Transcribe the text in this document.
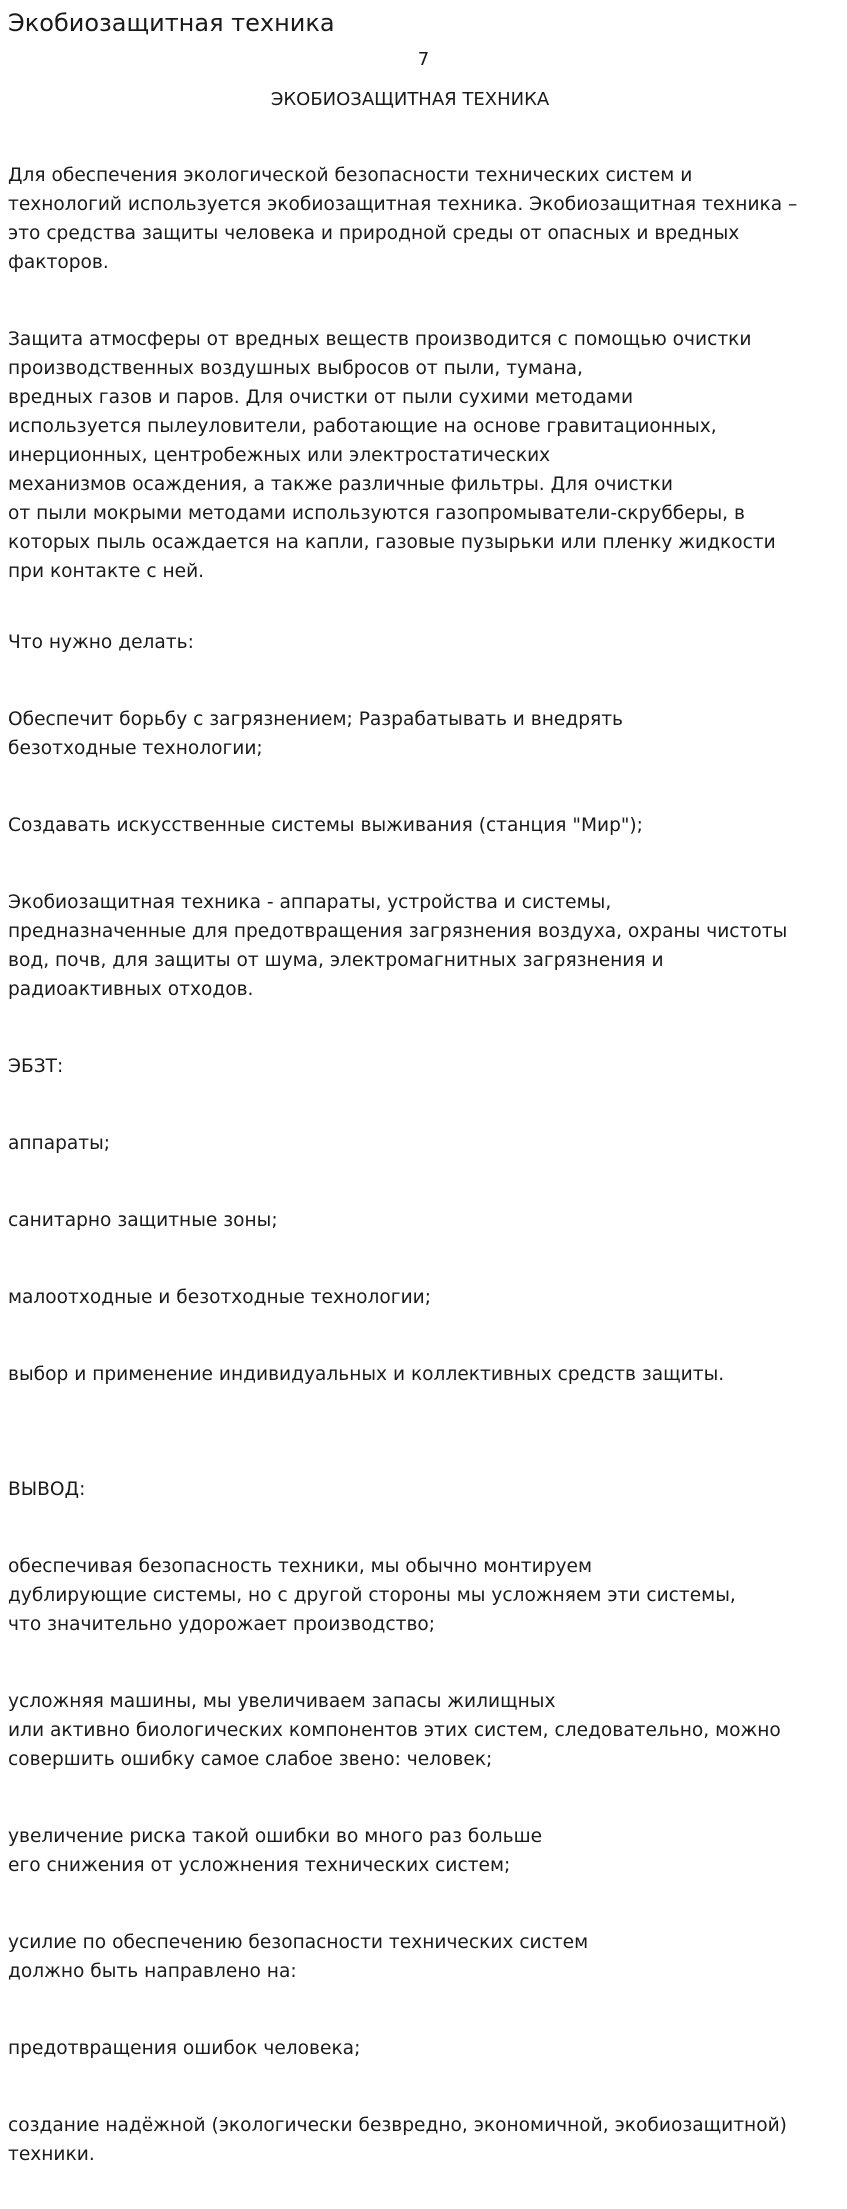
Экобиозащитная техника
7
ЭКОБИОЗАЩИТНАЯ ТЕХНИКА

Для обеспечения экологической безопасности технических систем и
технологий используется экобиозащитная техника. Экобиозащитная техника –
это средства защиты человека и природной среды от опасных и вредных
факторов.

Защита атмосферы от вредных веществ производится с помощью очистки
производственных воздушных выбросов от пыли, тумана,
вредных газов и паров. Для очистки от пыли сухими методами
используется пылеуловители, работающие на основе гравитационных,
инерционных, центробежных или электростатических
механизмов осаждения, а также различные фильтры. Для очистки
от пыли мокрыми методами используются газопромыватели-скрубберы, в
которых пыль осаждается на капли, газовые пузырьки или пленку жидкости
при контакте с ней.

Что нужно делать:

Обеспечит борьбу с загрязнением; Разрабатывать и внедрять
безотходные технологии;

Создавать искусственные системы выживания (станция "Мир");

Экобиозащитная техника - аппараты, устройства и системы,
предназначенные для предотвращения загрязнения воздуха, охраны чистоты
вод, почв, для защиты от шума, электромагнитных загрязнения и
радиоактивных отходов.

ЭБЗТ:

аппараты;

санитарно защитные зоны;

малоотходные и безотходные технологии;

выбор и применение индивидуальных и коллективных средств защиты.

ВЫВОД:

обеспечивая безопасность техники, мы обычно монтируем
дублирующие системы, но с другой стороны мы усложняем эти системы,
что значительно удорожает производство;

усложняя машины, мы увеличиваем запасы жилищных
или активно биологических компонентов этих систем, следовательно, можно
совершить ошибку самое слабое звено: человек;

увеличение риска такой ошибки во много раз больше
его снижения от усложнения технических систем;

усилие по обеспечению безопасности технических систем
должно быть направлено на:

предотвращения ошибок человека;

создание надёжной (экологически безвредно, экономичной, экобиозащитной)
техники.
